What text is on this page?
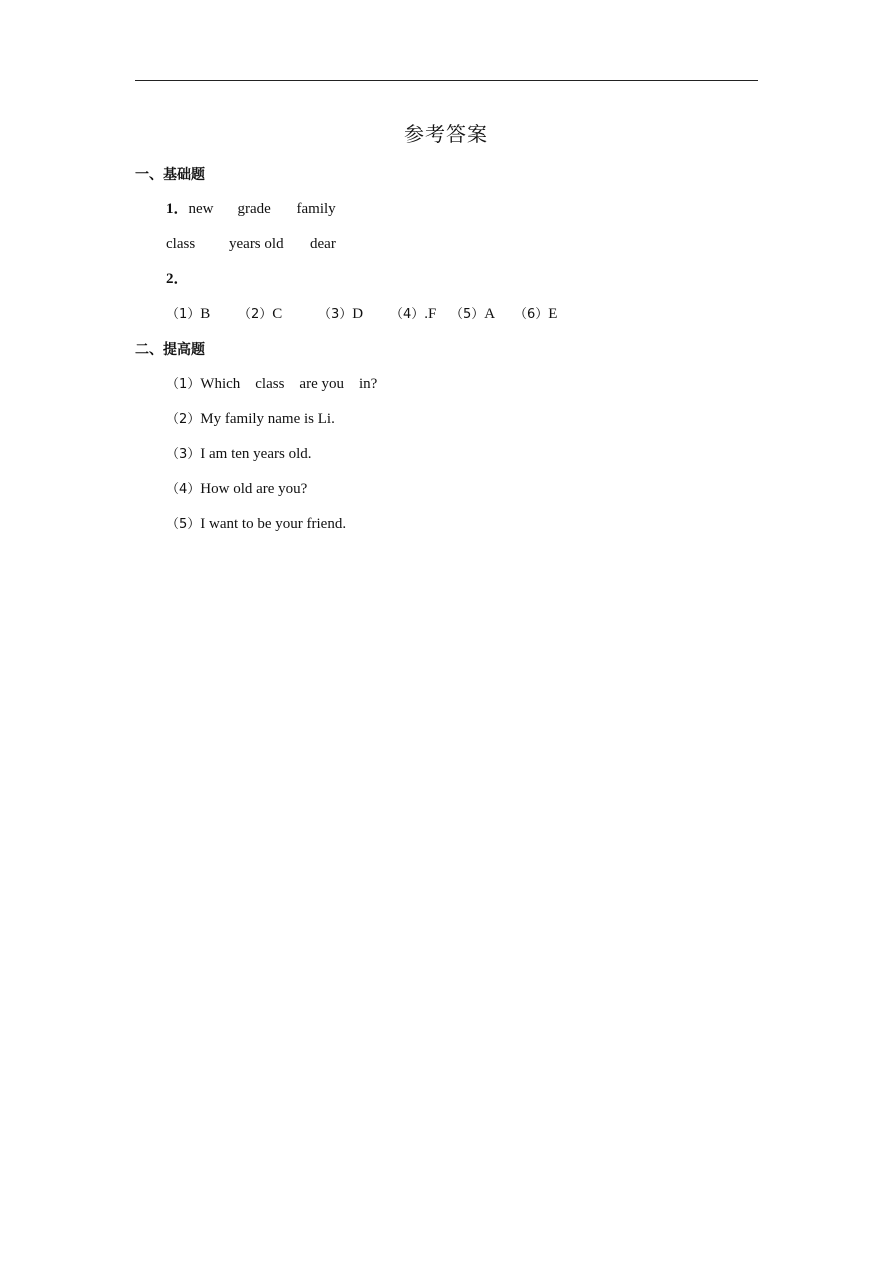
参考答案
一、基础题
1．new grade family
class years old dear
2．
（1）B （2）C	（3）D （4）.F （5）A （6）E
二、提高题
（1）Which    class    are you    in?
（2）My family name is Li.
（3）I am ten years old.
（4）How old are you?
（5）I want to be your friend.
